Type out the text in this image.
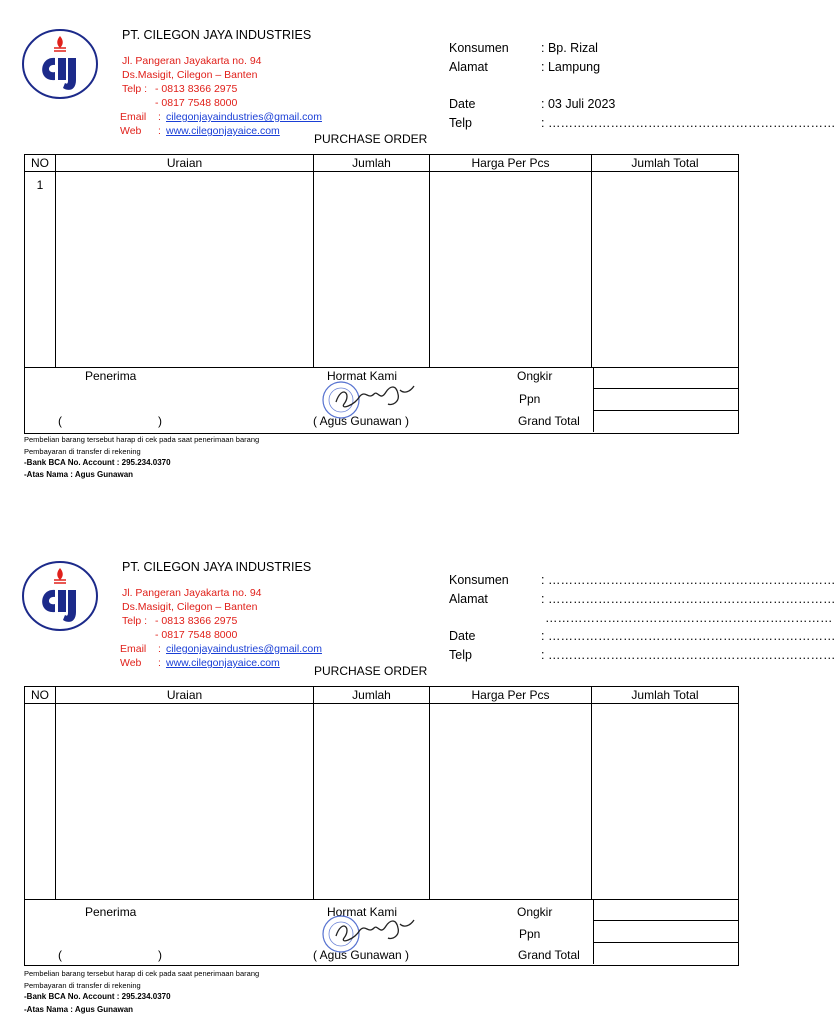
PT. CILEGON JAYA INDUSTRIES
Jl. Pangeran Jayakarta no. 94
Ds.Masigit, Cilegon – Banten
Telp : - 0813 8366 2975
- 0817 7548 8000
Email : cilegonjayaindustries@gmail.com
Web : www.cilegonjayaice.com
Konsumen	: Bp. Rizal
Alamat	: Lampung
Date	: 03 Juli 2023
Telp	: ……………………………………………………………
PURCHASE ORDER
NO	Uraian	Jumlah	Harga Per Pcs	Jumlah Total

1				

Penerima
(	)
Hormat Kami
( Agus Gunawan )
Ongkir
Ppn
Grand Total
Pembelian barang tersebut harap di cek pada saat penerimaan barang
Pembayaran di transfer di rekening
-Bank BCA No. Account : 295.234.0370
-Atas Nama : Agus Gunawan
PT. CILEGON JAYA INDUSTRIES
Jl. Pangeran Jayakarta no. 94
Ds.Masigit, Cilegon – Banten
Telp : - 0813 8366 2975
- 0817 7548 8000
Email : cilegonjayaindustries@gmail.com
Web : www.cilegonjayaice.com
Konsumen	: ……………………………………………………………
Alamat	: ……………………………………………………………
……………………………………………………………
Date	: ……………………………………………………………
Telp	: ……………………………………………………………
PURCHASE ORDER
NO	Uraian	Jumlah	Harga Per Pcs	Jumlah Total

Penerima
(	)
Hormat Kami
( Agus Gunawan )
Ongkir
Ppn
Grand Total
Pembelian barang tersebut harap di cek pada saat penerimaan barang
Pembayaran di transfer di rekening
-Bank BCA No. Account : 295.234.0370
-Atas Nama : Agus Gunawan
